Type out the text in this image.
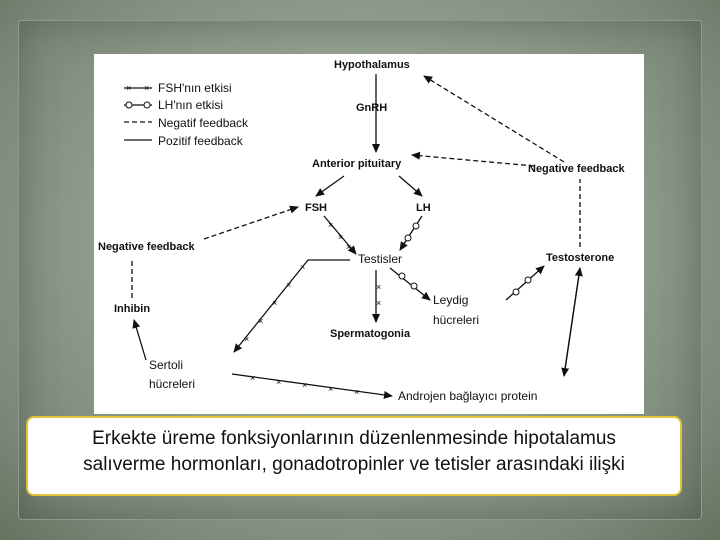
× × FSH'nın etkisi
LH'nın etkisi
Negatif feedback
Pozitif feedback
Hypothalamus
GnRH
Anterior pituitary	Negative feedback
FSH	LH
Negative feedback
Testisler	Testosterone
Inhibin
Leydig
hücreleri
Spermatogonia
Sertoli
hücreleri
Androjen bağlayıcı protein
×
×
×
×
×
×
×
×
×
×
× × × × ×
Erkekte üreme fonksiyonlarının düzenlenmesinde hipotalamus
salıverme hormonları, gonadotropinler ve tetisler arasındaki ilişki
